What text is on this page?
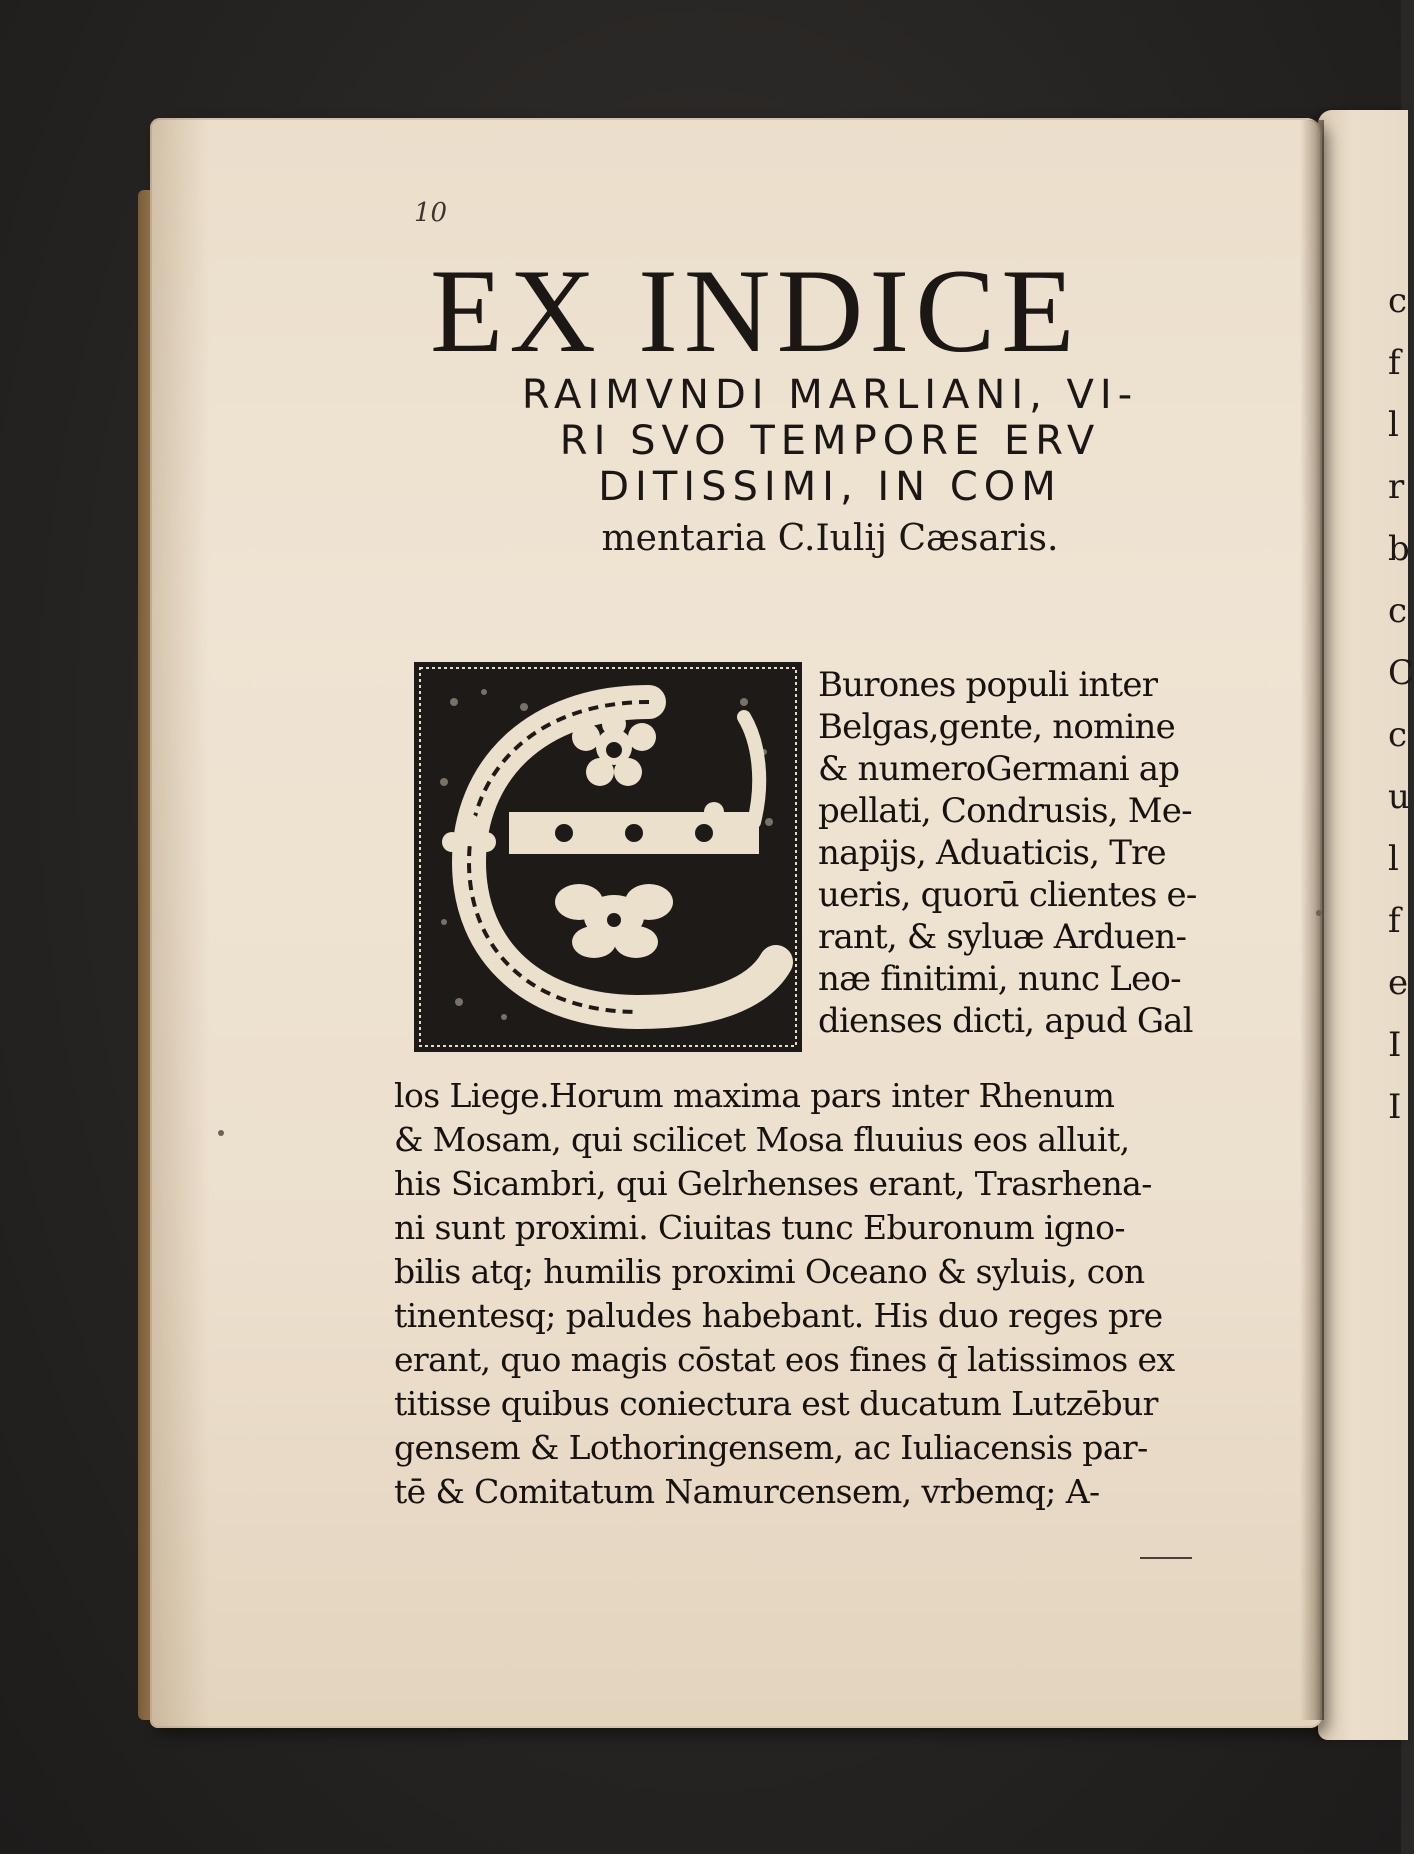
c
f
l
r
b
c
C
c
u
l
f
e
I
I
10
EX INDICE
RAIMVNDI MARLIANI, VI‑
RI SVO TEMPORE ERV
DITISSIMI, IN COM
mentaria C.Iulij Cæsaris.
Burones populi inter
Belgas,gente, nomine
& numeroGermani ap
pellati, Condrusis, Me-
napijs, Aduaticis, Tre
ueris, quorū clientes e-
rant, & syluæ Arduen-
næ finitimi, nunc Leo-
dienses dicti, apud Gal
los Liege.Horum maxima pars inter Rhenum
& Mosam, qui scilicet Mosa fluuius eos alluit,
his Sicambri, qui Gelrhenses erant, Trasrhena-
ni sunt proximi. Ciuitas tunc Eburonum igno-
bilis atq; humilis proximi Oceano & syluis, con
tinentesq; paludes habebant. His duo reges pre
erant, quo magis cōstat eos fines q̄ latissimos ex
titisse quibus coniectura est ducatum Lutzēbur
gensem & Lothoringensem, ac Iuliacensis par-
tē & Comitatum Namurcensem, vrbemq; A-
